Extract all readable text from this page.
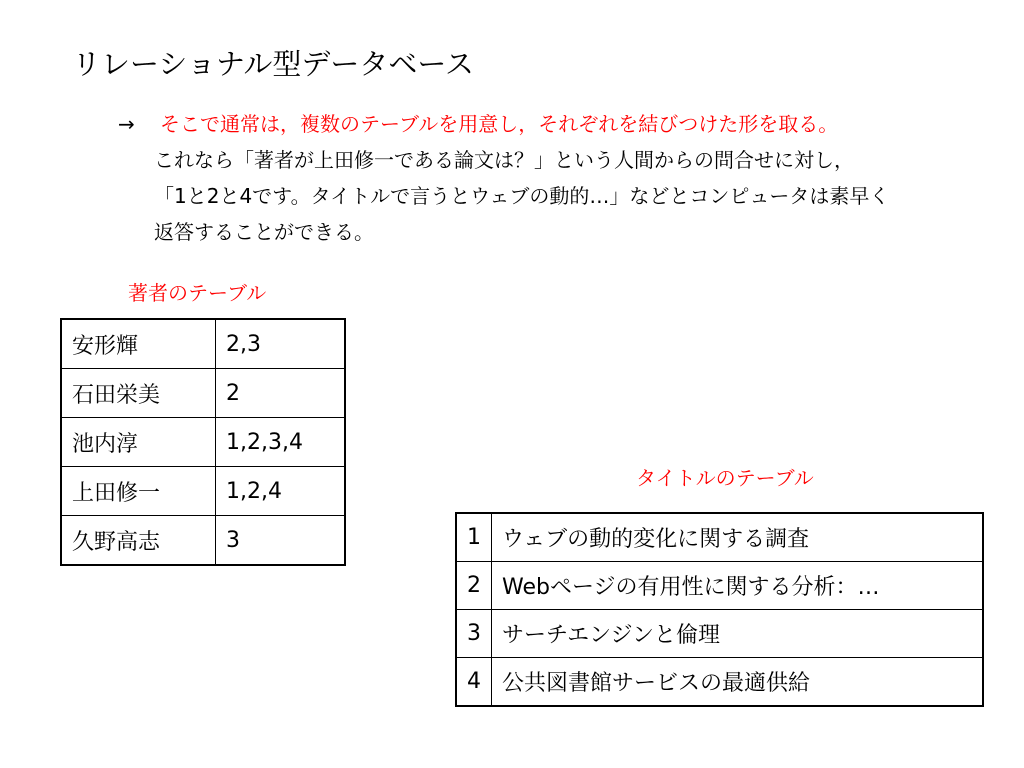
リレーショナル型データベース
→ そこで通常は，複数のテーブルを用意し，それぞれを結びつけた形を取る。
これなら「著者が上田修一である論文は？」という人間からの問合せに対し，
「1と2と4です。タイトルで言うとウェブの動的…」などとコンピュータは素早く
返答することができる。
著者のテーブル
安形輝	2,3
石田栄美	2
池内淳	1,2,3,4
上田修一	1,2,4
久野高志	3
タイトルのテーブル
1	ウェブの動的変化に関する調査
2	Webページの有用性に関する分析：…
3	サーチエンジンと倫理
4	公共図書館サービスの最適供給
